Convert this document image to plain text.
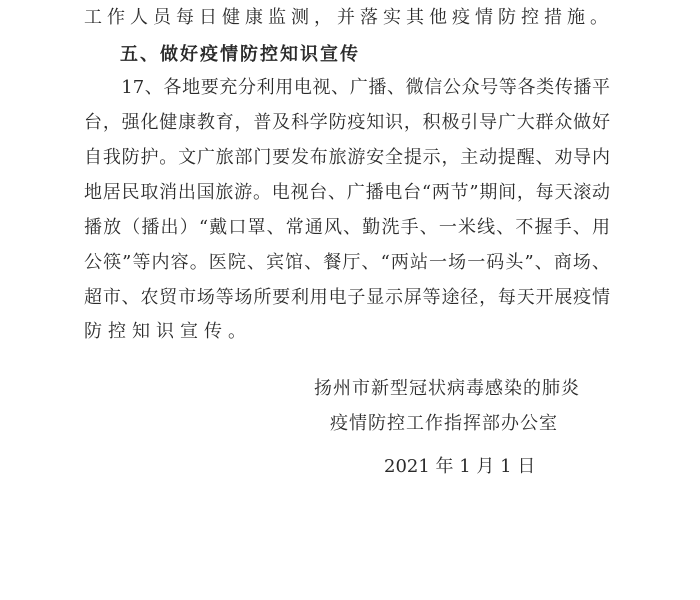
工作人员每日健康监测，并落实其他疫情防控措施。
五、做好疫情防控知识宣传
　　17、各地要充分利用电视、广播、微信公众号等各类传播平
台，强化健康教育，普及科学防疫知识，积极引导广大群众做好
自我防护。文广旅部门要发布旅游安全提示，主动提醒、劝导内
地居民取消出国旅游。电视台、广播电台“两节”期间，每天滚动
播放（播出）“戴口罩、常通风、勤洗手、一米线、不握手、用
公筷”等内容。医院、宾馆、餐厅、“两站一场一码头”、商场、
超市、农贸市场等场所要利用电子显示屏等途径，每天开展疫情
防控知识宣传。
扬州市新型冠状病毒感染的肺炎
疫情防控工作指挥部办公室
2021 年 1 月 1 日
